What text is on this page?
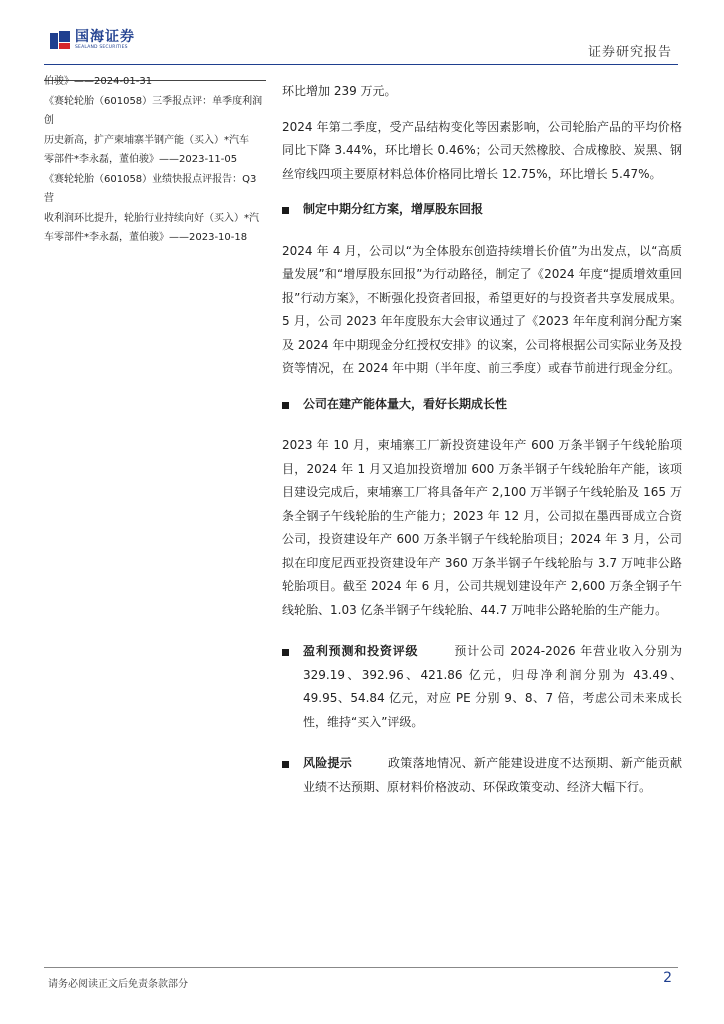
国海证券
SEALAND SECURITIES	证券研究报告

伯骏》——2024-01-31

《赛轮轮胎（601058）三季报点评：单季度利润创

历史新高，扩产柬埔寨半钢产能（买入）*汽车

零部件*李永磊，董伯骏》——2023-11-05

《赛轮轮胎（601058）业绩快报点评报告：Q3 营

收利润环比提升，轮胎行业持续向好（买入）*汽

车零部件*李永磊，董伯骏》——2023-10-18

环比增加 239 万元。

2024 年第二季度，受产品结构变化等因素影响，公司轮胎产品的平均价格同比下降 3.44%，环比增长 0.46%；公司天然橡胶、合成橡胶、炭黑、钢丝帘线四项主要原材料总体价格同比增长 12.75%，环比增长 5.47%。

制定中期分红方案，增厚股东回报

2024 年 4 月，公司以“为全体股东创造持续增长价值”为出发点，以“高质量发展”和“增厚股东回报”为行动路径，制定了《2024 年度“提质增效重回报”行动方案》，不断强化投资者回报，希望更好的与投资者共享发展成果。5 月，公司 2023 年年度股东大会审议通过了《2023 年年度利润分配方案及 2024 年中期现金分红授权安排》的议案，公司将根据公司实际业务及投资等情况，在 2024 年中期（半年度、前三季度）或春节前进行现金分红。

公司在建产能体量大，看好长期成长性

2023 年 10 月，柬埔寨工厂新投资建设年产 600 万条半钢子午线轮胎项目，2024 年 1 月又追加投资增加 600 万条半钢子午线轮胎年产能，该项目建设完成后，柬埔寨工厂将具备年产 2,100 万半钢子午线轮胎及 165 万条全钢子午线轮胎的生产能力；2023 年 12 月，公司拟在墨西哥成立合资公司，投资建设年产 600 万条半钢子午线轮胎项目；2024 年 3 月，公司拟在印度尼西亚投资建设年产 360 万条半钢子午线轮胎与 3.7 万吨非公路轮胎项目。截至 2024 年 6 月，公司共规划建设年产 2,600 万条全钢子午线轮胎、1.03 亿条半钢子午线轮胎、44.7 万吨非公路轮胎的生产能力。

盈利预测和投资评级	预计公司 2024-2026 年营业收入分别为 329.19、392.96、421.86 亿元，归母净利润分别为 43.49、49.95、54.84 亿元，对应 PE 分别 9、8、7 倍，考虑公司未来成长性，维持“买入”评级。
风险提示	政策落地情况、新产能建设进度不达预期、新产能贡献业绩不达预期、原材料价格波动、环保政策变动、经济大幅下行。
请务必阅读正文后免责条款部分	2
